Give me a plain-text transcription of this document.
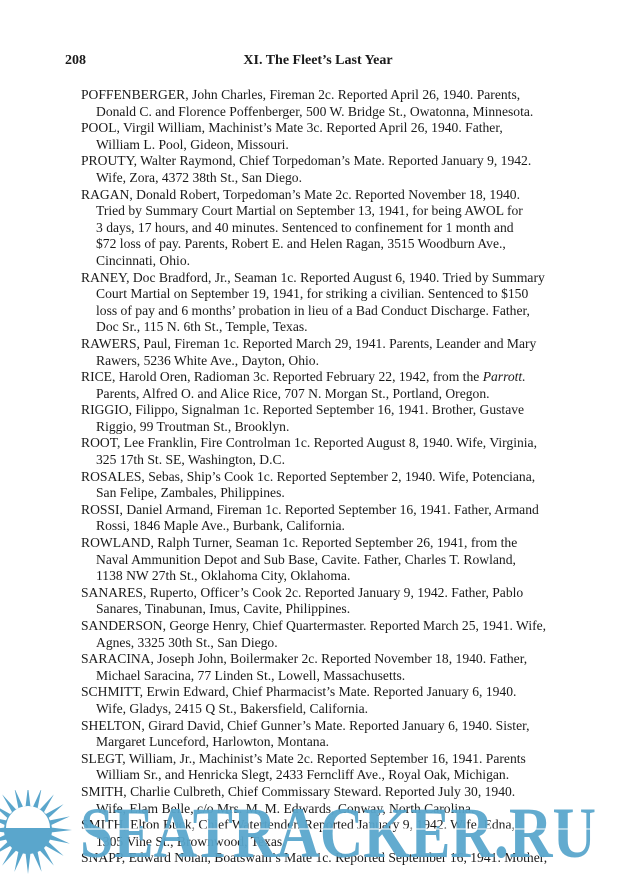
208	XI. The Fleet’s Last Year
POFFENBERGER, John Charles, Fireman 2c. Reported April 26, 1940. Parents,
Donald C. and Florence Poffenberger, 500 W. Bridge St., Owatonna, Minnesota.
POOL, Virgil William, Machinist’s Mate 3c. Reported April 26, 1940. Father,
William L. Pool, Gideon, Missouri.
PROUTY, Walter Raymond, Chief Torpedoman’s Mate. Reported January 9, 1942.
Wife, Zora, 4372 38th St., San Diego.
RAGAN, Donald Robert, Torpedoman’s Mate 2c. Reported November 18, 1940.
Tried by Summary Court Martial on September 13, 1941, for being AWOL for
3 days, 17 hours, and 40 minutes. Sentenced to confinement for 1 month and
$72 loss of pay. Parents, Robert E. and Helen Ragan, 3515 Woodburn Ave.,
Cincinnati, Ohio.
RANEY, Doc Bradford, Jr., Seaman 1c. Reported August 6, 1940. Tried by Summary
Court Martial on September 19, 1941, for striking a civilian. Sentenced to $150
loss of pay and 6 months’ probation in lieu of a Bad Conduct Discharge. Father,
Doc Sr., 115 N. 6th St., Temple, Texas.
RAWERS, Paul, Fireman 1c. Reported March 29, 1941. Parents, Leander and Mary
Rawers, 5236 White Ave., Dayton, Ohio.
RICE, Harold Oren, Radioman 3c. Reported February 22, 1942, from the Parrott.
Parents, Alfred O. and Alice Rice, 707 N. Morgan St., Portland, Oregon.
RIGGIO, Filippo, Signalman 1c. Reported September 16, 1941. Brother, Gustave
Riggio, 99 Troutman St., Brooklyn.
ROOT, Lee Franklin, Fire Controlman 1c. Reported August 8, 1940. Wife, Virginia,
325 17th St. SE, Washington, D.C.
ROSALES, Sebas, Ship’s Cook 1c. Reported September 2, 1940. Wife, Potenciana,
San Felipe, Zambales, Philippines.
ROSSI, Daniel Armand, Fireman 1c. Reported September 16, 1941. Father, Armand
Rossi, 1846 Maple Ave., Burbank, California.
ROWLAND, Ralph Turner, Seaman 1c. Reported September 26, 1941, from the
Naval Ammunition Depot and Sub Base, Cavite. Father, Charles T. Rowland,
1138 NW 27th St., Oklahoma City, Oklahoma.
SANARES, Ruperto, Officer’s Cook 2c. Reported January 9, 1942. Father, Pablo
Sanares, Tinabunan, Imus, Cavite, Philippines.
SANDERSON, George Henry, Chief Quartermaster. Reported March 25, 1941. Wife,
Agnes, 3325 30th St., San Diego.
SARACINA, Joseph John, Boilermaker 2c. Reported November 18, 1940. Father,
Michael Saracina, 77 Linden St., Lowell, Massachusetts.
SCHMITT, Erwin Edward, Chief Pharmacist’s Mate. Reported January 6, 1940.
Wife, Gladys, 2415 Q St., Bakersfield, California.
SHELTON, Girard David, Chief Gunner’s Mate. Reported January 6, 1940. Sister,
Margaret Lunceford, Harlowton, Montana.
SLEGT, William, Jr., Machinist’s Mate 2c. Reported September 16, 1941. Parents
William Sr., and Henricka Slegt, 2433 Ferncliff Ave., Royal Oak, Michigan.
SMITH, Charlie Culbreth, Chief Commissary Steward. Reported July 30, 1940.
Wife, Elam Belle, c/o Mrs. M. M. Edwards, Conway, North Carolina.
SMITH, Elton Buck, Chief Watertender. Reported January 9, 1942. Wife, Edna,
1305 Vine St., Brownwood, Texas.
SNAPP, Edward Nolan, Boatswain’s Mate 1c. Reported September 16, 1941. Mother,
SEATRACKER.RU
